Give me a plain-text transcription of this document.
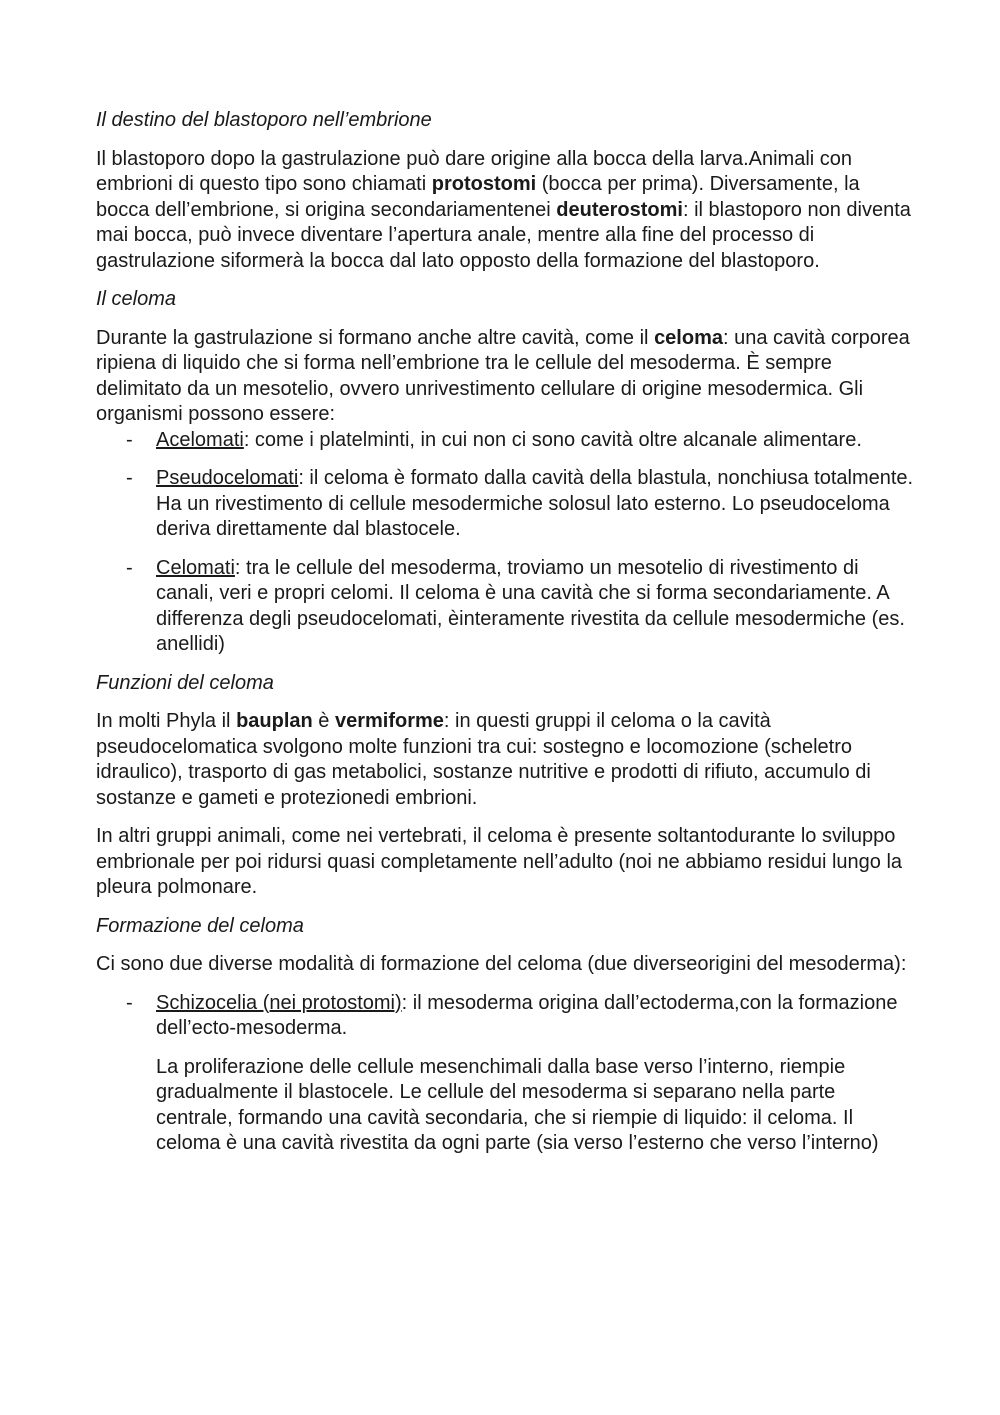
Il destino del blastoporo nell’embrione
Il blastoporo dopo la gastrulazione può dare origine alla bocca della larva.Animali con embrioni di questo tipo sono chiamati protostomi (bocca per prima). Diversamente, la bocca dell’embrione, si origina secondariamentenei deuterostomi: il blastoporo non diventa mai bocca, può invece diventare l’apertura anale, mentre alla fine del processo di gastrulazione siformerà la bocca dal lato opposto della formazione del blastoporo.
Il celoma
Durante la gastrulazione si formano anche altre cavità, come il celoma: una cavità corporea ripiena di liquido che si forma nell’embrione tra le cellule del mesoderma. È sempre delimitato da un mesotelio, ovvero unrivestimento cellulare di origine mesodermica. Gli organismi possono essere:
- Acelomati: come i platelminti, in cui non ci sono cavità oltre alcanale alimentare.
- Pseudocelomati: il celoma è formato dalla cavità della blastula, nonchiusa totalmente. Ha un rivestimento di cellule mesodermiche solosul lato esterno. Lo pseudoceloma deriva direttamente dal blastocele.
- Celomati: tra le cellule del mesoderma, troviamo un mesotelio di rivestimento di canali, veri e propri celomi. Il celoma è una cavità che si forma secondariamente. A differenza degli pseudocelomati, èinteramente rivestita da cellule mesodermiche (es. anellidi)
Funzioni del celoma
In molti Phyla il bauplan è vermiforme: in questi gruppi il celoma o la cavità pseudocelomatica svolgono molte funzioni tra cui: sostegno e locomozione (scheletro idraulico), trasporto di gas metabolici, sostanze nutritive e prodotti di rifiuto, accumulo di sostanze e gameti e protezionedi embrioni.
In altri gruppi animali, come nei vertebrati, il celoma è presente soltantodurante lo sviluppo embrionale per poi ridursi quasi completamente nell’adulto (noi ne abbiamo residui lungo la pleura polmonare.
Formazione del celoma
Ci sono due diverse modalità di formazione del celoma (due diverseorigini del mesoderma):
- Schizocelia (nei protostomi): il mesoderma origina dall’ectoderma,con la formazione dell’ecto-mesoderma.
La proliferazione delle cellule mesenchimali dalla base verso l’interno, riempie gradualmente il blastocele. Le cellule del mesoderma si separano nella parte centrale, formando una cavità secondaria, che si riempie di liquido: il celoma. Il celoma è una cavità rivestita da ogni parte (sia verso l’esterno che verso l’interno)
